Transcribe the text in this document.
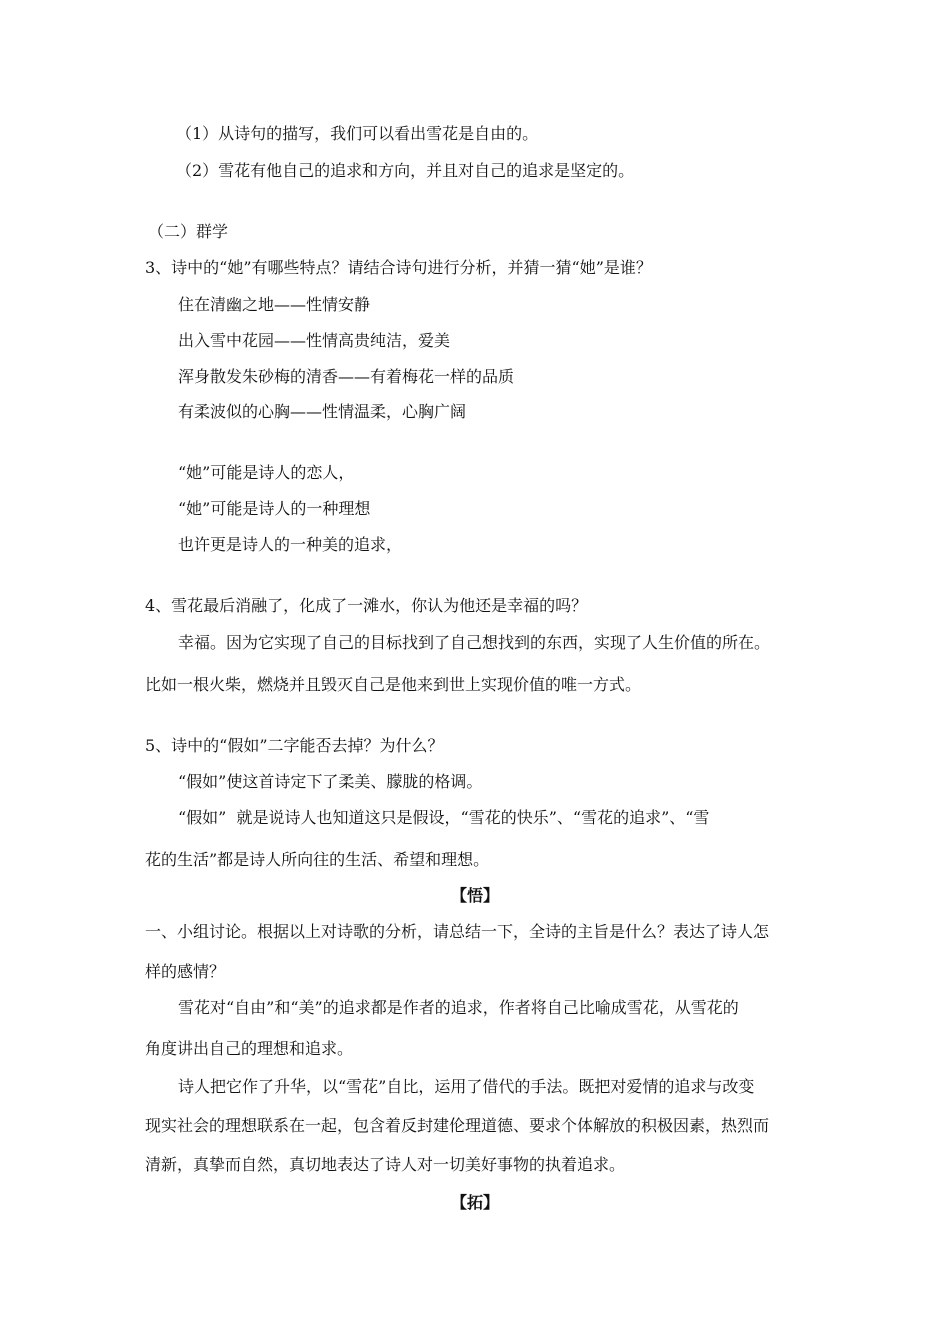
（1）从诗句的描写，我们可以看出雪花是自由的。
（2）雪花有他自己的追求和方向，并且对自己的追求是坚定的。
（二）群学
3、诗中的“她”有哪些特点？请结合诗句进行分析，并猜一猜“她”是谁？
住在清幽之地——性情安静
出入雪中花园——性情高贵纯洁，爱美
浑身散发朱砂梅的清香——有着梅花一样的品质
有柔波似的心胸——性情温柔，心胸广阔
“她”可能是诗人的恋人，
“她”可能是诗人的一种理想
也许更是诗人的一种美的追求，
4、雪花最后消融了，化成了一滩水，你认为他还是幸福的吗？
幸福。因为它实现了自己的目标找到了自己想找到的东西，实现了人生价值的所在。
比如一根火柴，燃烧并且毁灭自己是他来到世上实现价值的唯一方式。
5、诗中的“假如”二字能否去掉？为什么？
“假如”使这首诗定下了柔美、朦胧的格调。
“假如”  就是说诗人也知道这只是假设，“雪花的快乐”、“雪花的追求”、“雪
花的生活”都是诗人所向往的生活、希望和理想。
【悟】
一、小组讨论。根据以上对诗歌的分析，请总结一下，全诗的主旨是什么？表达了诗人怎
样的感情？
雪花对“自由”和“美”的追求都是作者的追求，作者将自己比喻成雪花，从雪花的
角度讲出自己的理想和追求。
诗人把它作了升华，以“雪花”自比，运用了借代的手法。既把对爱情的追求与改变
现实社会的理想联系在一起，包含着反封建伦理道德、要求个体解放的积极因素，热烈而
清新，真挚而自然，真切地表达了诗人对一切美好事物的执着追求。
【拓】
